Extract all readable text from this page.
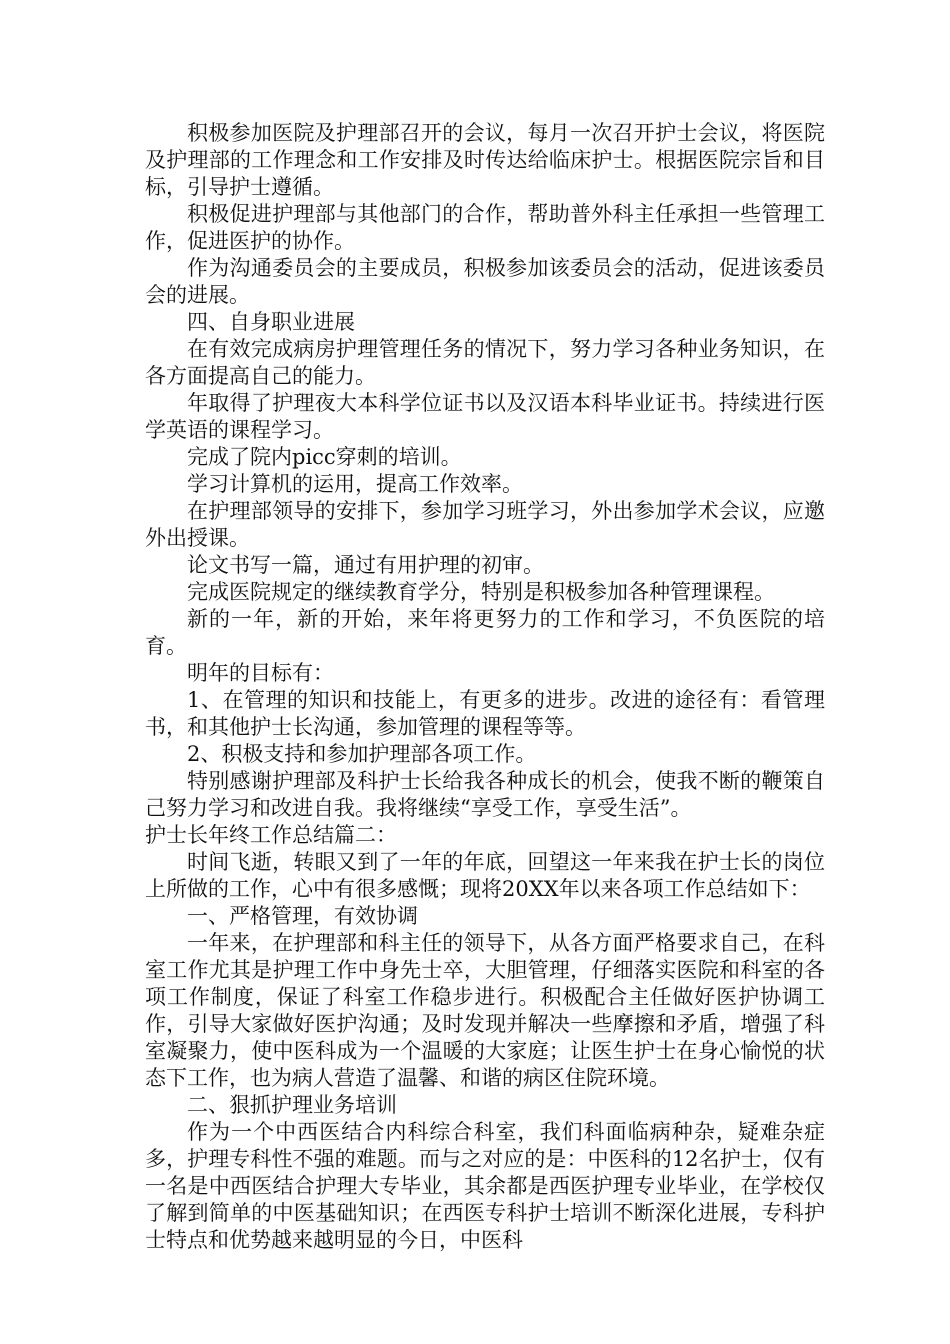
积极参加医院及护理部召开的会议，每月一次召开护士会议，将医院及护理部的工作理念和工作安排及时传达给临床护士。根据医院宗旨和目标，引导护士遵循。

积极促进护理部与其他部门的合作，帮助普外科主任承担一些管理工作，促进医护的协作。

作为沟通委员会的主要成员，积极参加该委员会的活动，促进该委员会的进展。

四、自身职业进展

在有效完成病房护理管理任务的情况下，努力学习各种业务知识，在各方面提高自己的能力。

年取得了护理夜大本科学位证书以及汉语本科毕业证书。持续进行医学英语的课程学习。

完成了院内picc穿刺的培训。

学习计算机的运用，提高工作效率。

在护理部领导的安排下，参加学习班学习，外出参加学术会议，应邀外出授课。

论文书写一篇，通过有用护理的初审。

完成医院规定的继续教育学分，特别是积极参加各种管理课程。

新的一年，新的开始，来年将更努力的工作和学习，不负医院的培育。

明年的目标有：

1、在管理的知识和技能上，有更多的进步。改进的途径有：看管理书，和其他护士长沟通，参加管理的课程等等。

2、积极支持和参加护理部各项工作。

特别感谢护理部及科护士长给我各种成长的机会，使我不断的鞭策自己努力学习和改进自我。我将继续“享受工作，享受生活”。

护士长年终工作总结篇二：

时间飞逝，转眼又到了一年的年底，回望这一年来我在护士长的岗位上所做的工作，心中有很多感慨；现将20XX年以来各项工作总结如下：

一、严格管理，有效协调

一年来，在护理部和科主任的领导下，从各方面严格要求自己，在科室工作尤其是护理工作中身先士卒，大胆管理，仔细落实医院和科室的各项工作制度，保证了科室工作稳步进行。积极配合主任做好医护协调工作，引导大家做好医护沟通；及时发现并解决一些摩擦和矛盾，增强了科室凝聚力，使中医科成为一个温暖的大家庭；让医生护士在身心愉悦的状态下工作，也为病人营造了温馨、和谐的病区住院环境。

二、狠抓护理业务培训

作为一个中西医结合内科综合科室，我们科面临病种杂，疑难杂症多，护理专科性不强的难题。而与之对应的是：中医科的12名护士，仅有一名是中西医结合护理大专毕业，其余都是西医护理专业毕业，在学校仅了解到简单的中医基础知识；在西医专科护士培训不断深化进展，专科护士特点和优势越来越明显的今日，中医科
